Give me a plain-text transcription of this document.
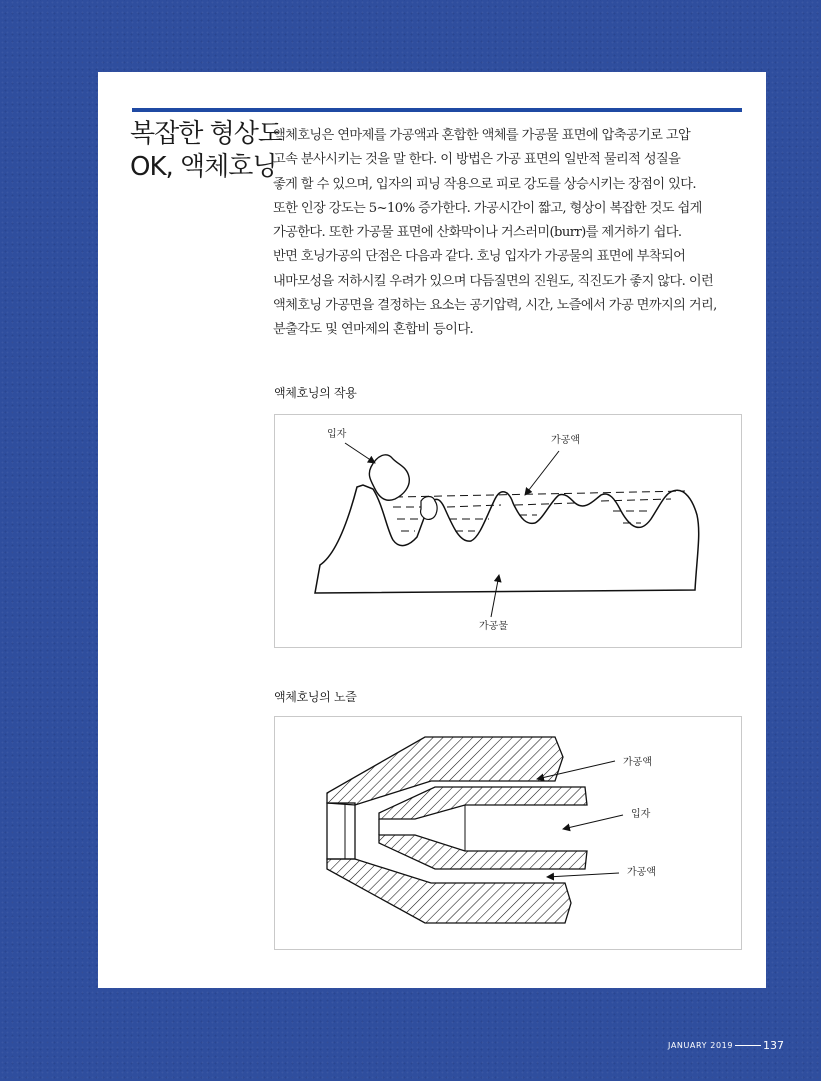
복잡한 형상도
OK, 액체호닝
액체호닝은 연마제를 가공액과 혼합한 액체를 가공물 표면에 압축공기로 고압
고속 분사시키는 것을 말 한다. 이 방법은 가공 표면의 일반적 물리적 성질을
좋게 할 수 있으며, 입자의 피닝 작용으로 피로 강도를 상승시키는 장점이 있다.
또한 인장 강도는 5~10% 증가한다. 가공시간이 짧고, 형상이 복잡한 것도 쉽게
가공한다. 또한 가공물 표면에 산화막이나 거스러미(burr)를 제거하기 쉽다.
반면 호닝가공의 단점은 다음과 같다. 호닝 입자가 가공물의 표면에 부착되어
내마모성을 저하시킬 우려가 있으며 다듬질면의 진원도, 직진도가 좋지 않다. 이런
액체호닝 가공면을 결정하는 요소는 공기압력, 시간, 노즐에서 가공 면까지의 거리,
분출각도 및 연마제의 혼합비 등이다.
액체호닝의 작용
입자
가공액
가공물
액체호닝의 노즐
가공액
입자
가공액
JANUARY 2019	137
